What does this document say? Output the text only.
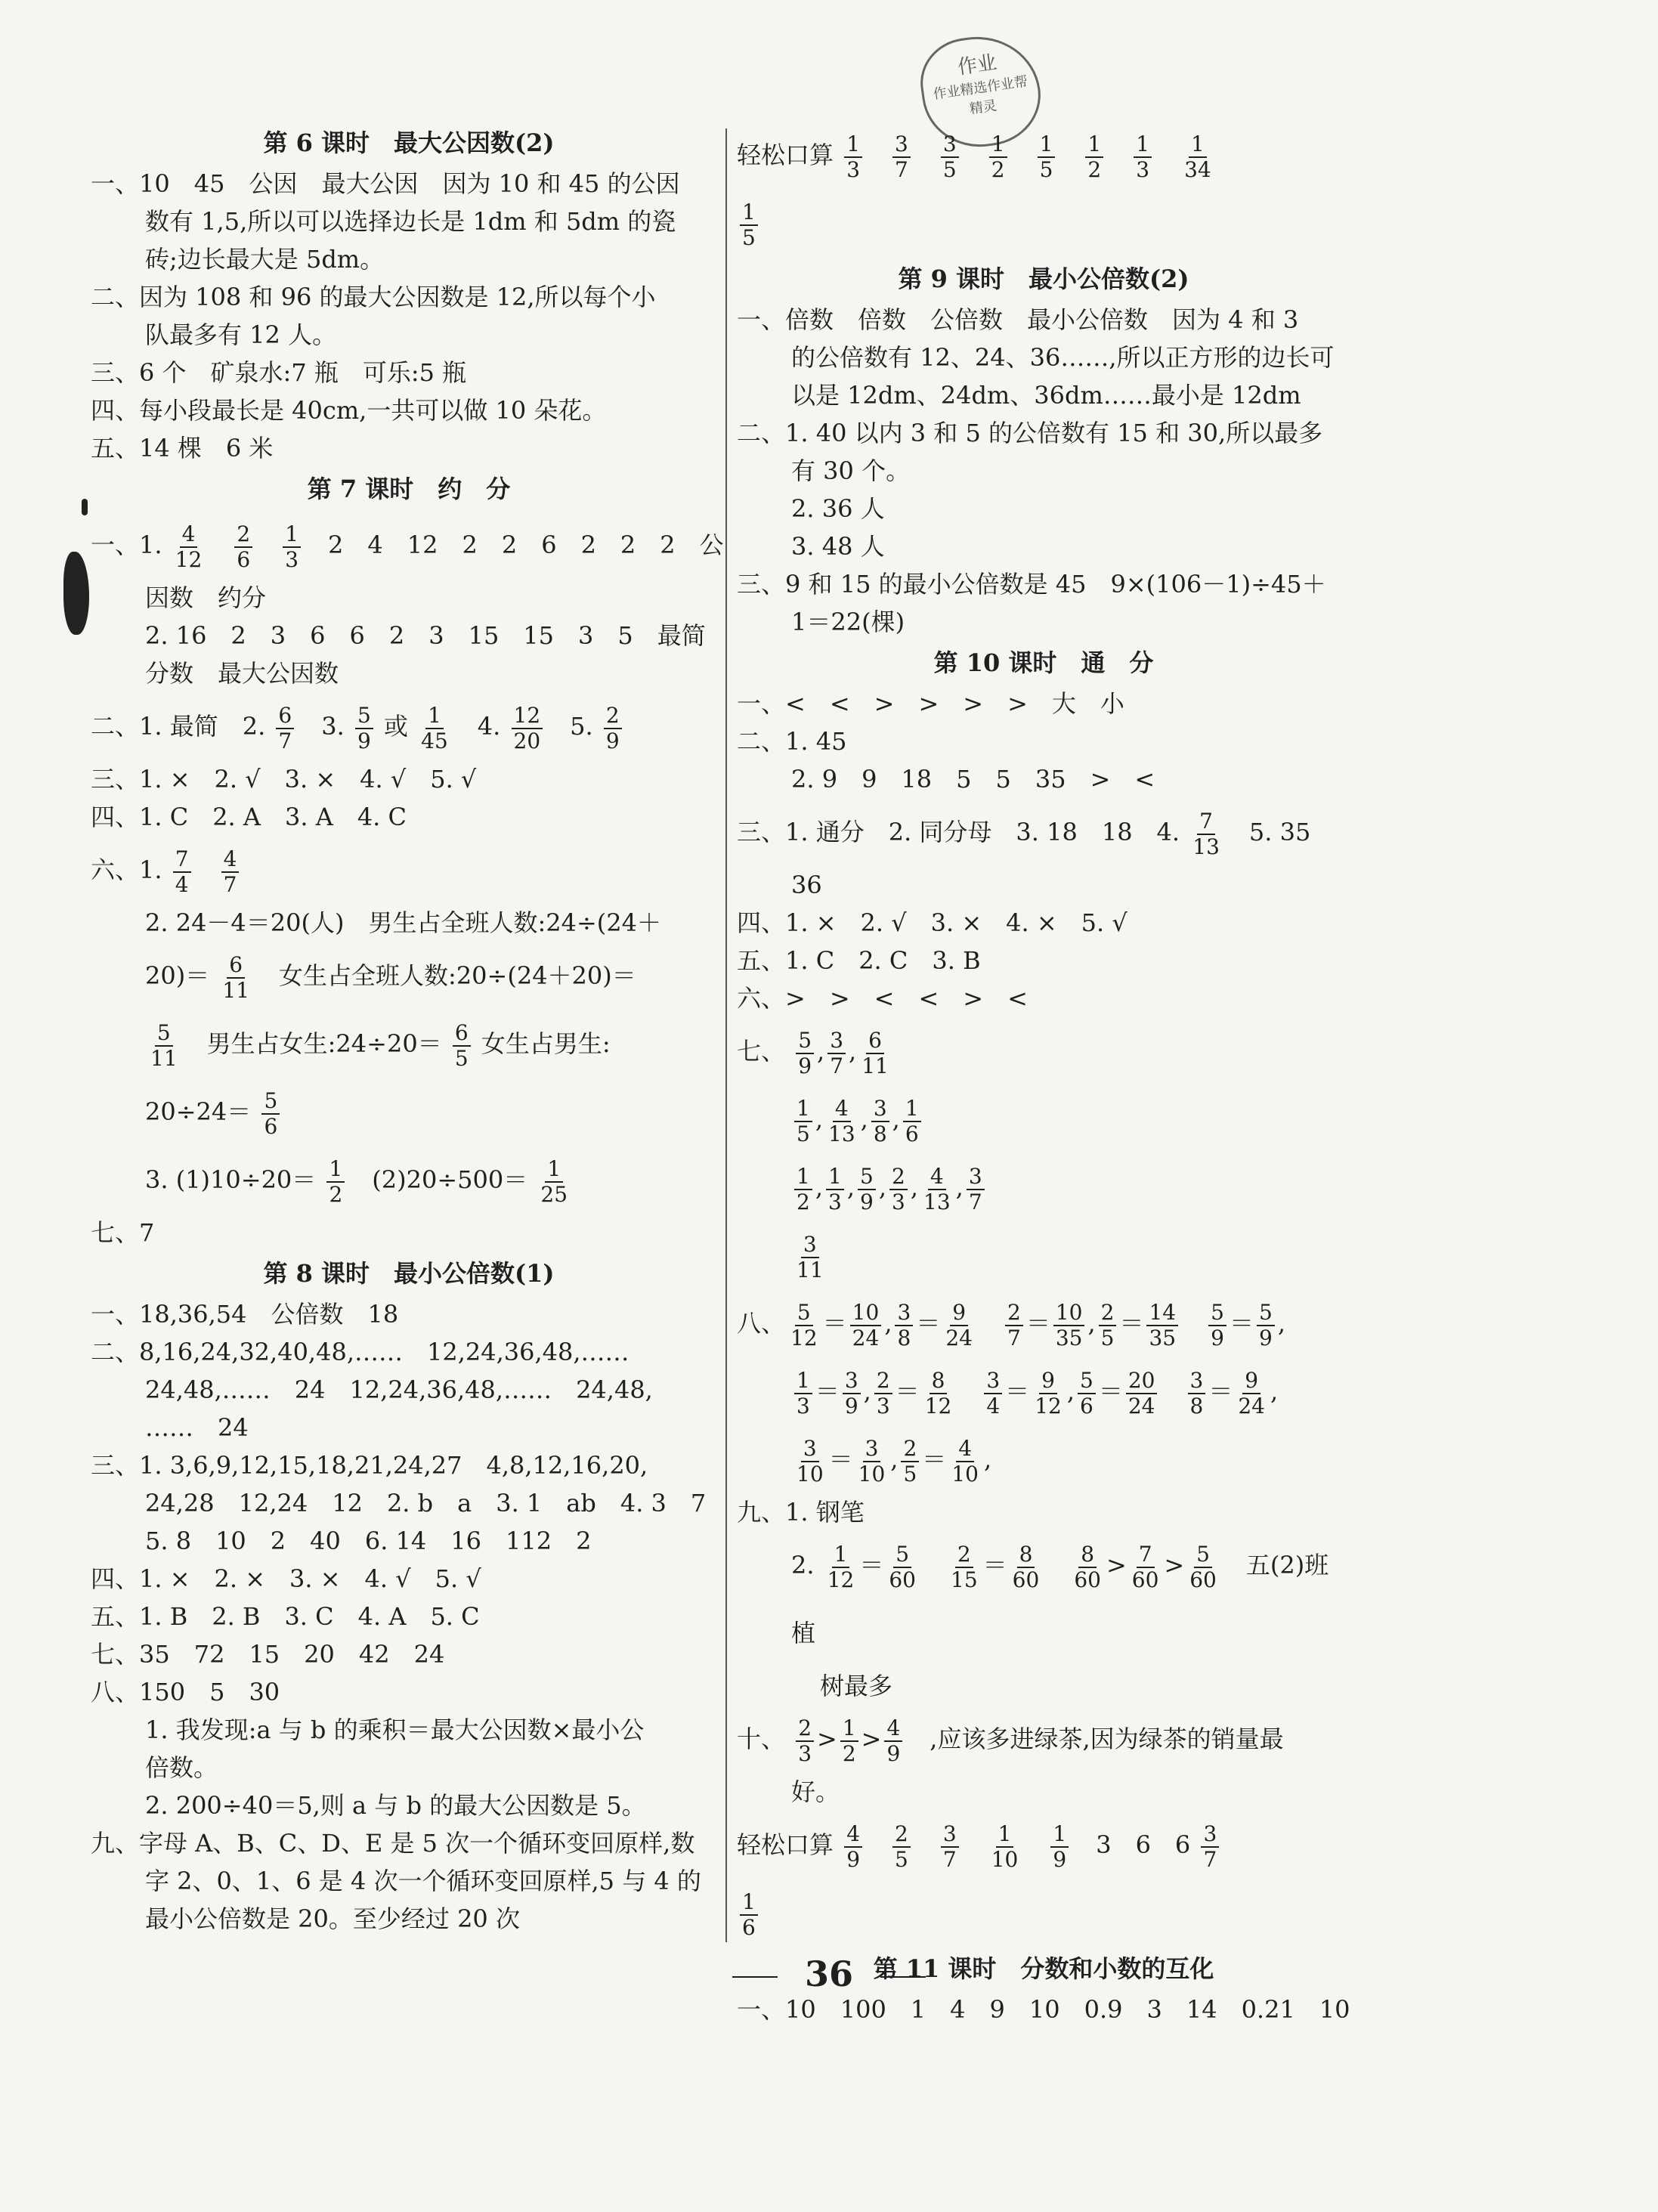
作业
作业精选作业帮
精灵
第 6 课时　最大公因数(2)
一、10　45　公因　最大公因　因为 10 和 45 的公因
数有 1,5,所以可以选择边长是 1dm 和 5dm 的瓷
砖;边长最大是 5dm。
二、因为 108 和 96 的最大公因数是 12,所以每个小
队最多有 12 人。
三、6 个　矿泉水:7 瓶　可乐:5 瓶
四、每小段最长是 40cm,一共可以做 10 朵花。
五、14 棵　6 米
第 7 课时　约　分
一、1. $\frac{4}{12}$
　 $\frac{2}{6}$
　 $\frac{1}{3}$ 　2　4　12　2　2　6　2　2　2　公
因数　约分
2. 16　2　3　6　6　2　3　15　15　3　5　最简
分数　最大公因数
二、1. 最简　2. $\frac{6}{7}$ 　3. $\frac{5}{9}$ 或 $\frac{1}{45}$ 　4. $\frac{12}{20}$ 　5. $\frac{2}{9}$
三、1. ×　2. √　3. ×　4. √　5. √
四、1. C　2. A　3. A　4. C
六、1. $\frac{7}{4}$
　 $\frac{4}{7}$
2. 24－4＝20(人)　男生占全班人数:24÷(24＋
$20)= \frac{6}{11}$ 　女生占全班人数:20÷(24＋20)＝
$\frac{5}{11}$ 　男生占女生:24÷20＝ $\frac{6}{5}$ 女生占男生:
$20\div 24= \frac{5}{6}$
3. $(1)10\div 20= \frac{1}{2}$ 　$(2)20\div 500= \frac{1}{25}$
七、7
第 8 课时　最小公倍数(1)
一、18,36,54　公倍数　18
二、8,16,24,32,40,48,……　12,24,36,48,……
24,48,……　24　12,24,36,48,……　24,48,
……　24
三、1. 3,6,9,12,15,18,21,24,27　4,8,12,16,20,
24,28　12,24　12　2. b　a　3. 1　ab　4. 3　7
5. 8　10　2　40　6. 14　16　112　2
四、1. ×　2. ×　3. ×　4. √　5. √
五、1. B　2. B　3. C　4. A　5. C
七、35　72　15　20　42　24
八、150　5　30
1. 我发现:a 与 b 的乘积＝最大公因数×最小公
倍数。
2. 200÷40＝5,则 a 与 b 的最大公因数是 5。
九、字母 A、B、C、D、E 是 5 次一个循环变回原样,数
字 2、0、1、6 是 4 次一个循环变回原样,5 与 4 的
最小公倍数是 20。至少经过 20 次
轻松口算 $\frac{1}{3}$
　 $\frac{3}{7}$
　 $\frac{3}{5}$
　 $\frac{1}{2}$
　 $\frac{1}{5}$
　 $\frac{1}{2}$
　 $\frac{1}{3}$
　 $\frac{1}{34}$
$\frac{1}{5}$
第 9 课时　最小公倍数(2)
一、倍数　倍数　公倍数　最小公倍数　因为 4 和 3
的公倍数有 12、24、36……,所以正方形的边长可
以是 12dm、24dm、36dm……最小是 12dm
二、1. 40 以内 3 和 5 的公倍数有 15 和 30,所以最多
有 30 个。
2. 36 人
3. 48 人
三、9 和 15 的最小公倍数是 45　9×(106－1)÷45＋
1＝22(棵)
第 10 课时　通　分
一、<　<　>　>　>　>　大　小
二、1. 45
2. 9　9　18　5　5　35　>　<
三、1. 通分　2. 同分母　3. 18　18　4. $\frac{7}{13}$ 　5. 35
36
四、1. ×　2. √　3. ×　4. ×　5. √
五、1. C　2. C　3. B
六、>　>　<　<　>　<
七、 $\frac{5}{9}$ , $\frac{3}{7}$ , $\frac{6}{11}$
$\frac{1}{5}$ , $\frac{4}{13}$ , $\frac{3}{8}$ , $\frac{1}{6}$
$\frac{1}{2}$ , $\frac{1}{3}$ , $\frac{5}{9}$ , $\frac{2}{3}$ , $\frac{4}{13}$ , $\frac{3}{7}$
$\frac{3}{11}$
八、 $\frac{5}{12} = \frac{10}{24}$ , $\frac{3}{8} = \frac{9}{24}$
　 $\frac{2}{7} = \frac{10}{35}$ , $\frac{2}{5} = \frac{14}{35}$
　 $\frac{5}{9} = \frac{5}{9}$ ,
$\frac{1}{3} = \frac{3}{9}$ , $\frac{2}{3} = \frac{8}{12}$
　 $\frac{3}{4} = \frac{9}{12}$ , $\frac{5}{6} = \frac{20}{24}$
　 $\frac{3}{8} = \frac{9}{24}$ ,
$\frac{3}{10} = \frac{3}{10}$ , $\frac{2}{5} = \frac{4}{10}$ ,
九、1. 钢笔
2. $\frac{1}{12} = \frac{5}{60}$
　 $\frac{2}{15} = \frac{8}{60}$
　 $\frac{8}{60} > \frac{7}{60} > \frac{5}{60}$ 　五(2)班植
树最多
十、 $\frac{2}{3} > \frac{1}{2} > \frac{4}{9}$ 　,应该多进绿茶,因为绿茶的销量最
好。
轻松口算 $\frac{4}{9}$
　 $\frac{2}{5}$
　 $\frac{3}{7}$
　 $\frac{1}{10}$
　 $\frac{1}{9}$ 　3　6　$6 \frac{3}{7}$
$\frac{1}{6}$
第 11 课时　分数和小数的互化
一、10　100　1　4　9　10　0.9　3　14　0.21　10
36
